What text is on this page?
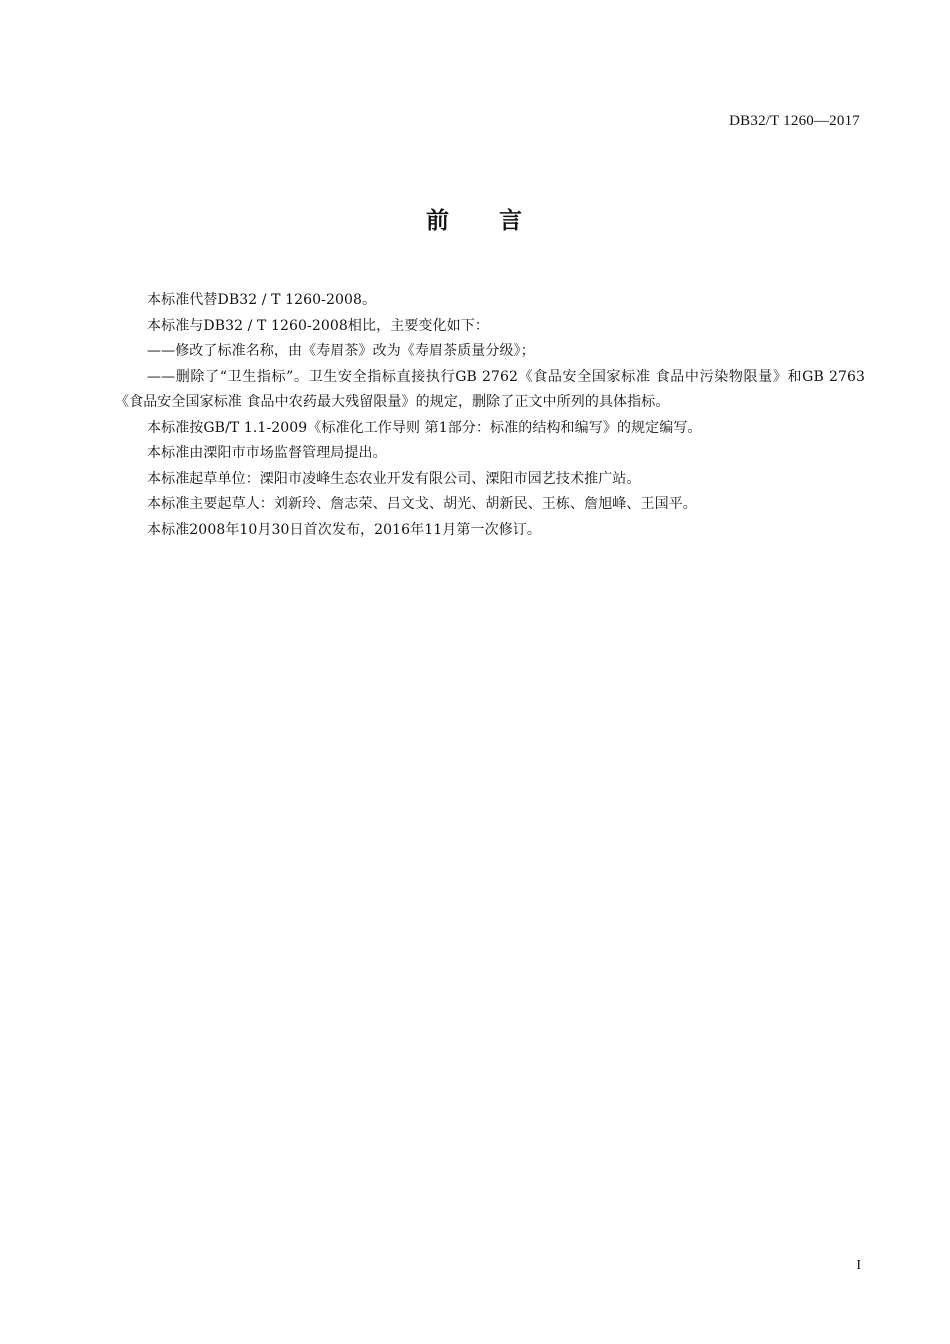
DB32/T 1260—2017
前 言

本标准代替DB32 / T 1260-2008。

本标准与DB32 / T 1260-2008相比，主要变化如下：

——修改了标准名称，由《寿眉茶》改为《寿眉茶质量分级》；

——删除了“卫生指标”。卫生安全指标直接执行GB 2762《食品安全国家标准 食品中污染物限量》和GB 2763《食品安全国家标准 食品中农药最大残留限量》的规定，删除了正文中所列的具体指标。

本标准按GB/T 1.1-2009《标准化工作导则 第1部分：标准的结构和编写》的规定编写。

本标准由溧阳市市场监督管理局提出。

本标准起草单位：溧阳市凌峰生态农业开发有限公司、溧阳市园艺技术推广站。

本标准主要起草人：刘新玲、詹志荣、吕文戈、胡光、胡新民、王栋、詹旭峰、王国平。

本标准2008年10月30日首次发布，2016年11月第一次修订。

I
